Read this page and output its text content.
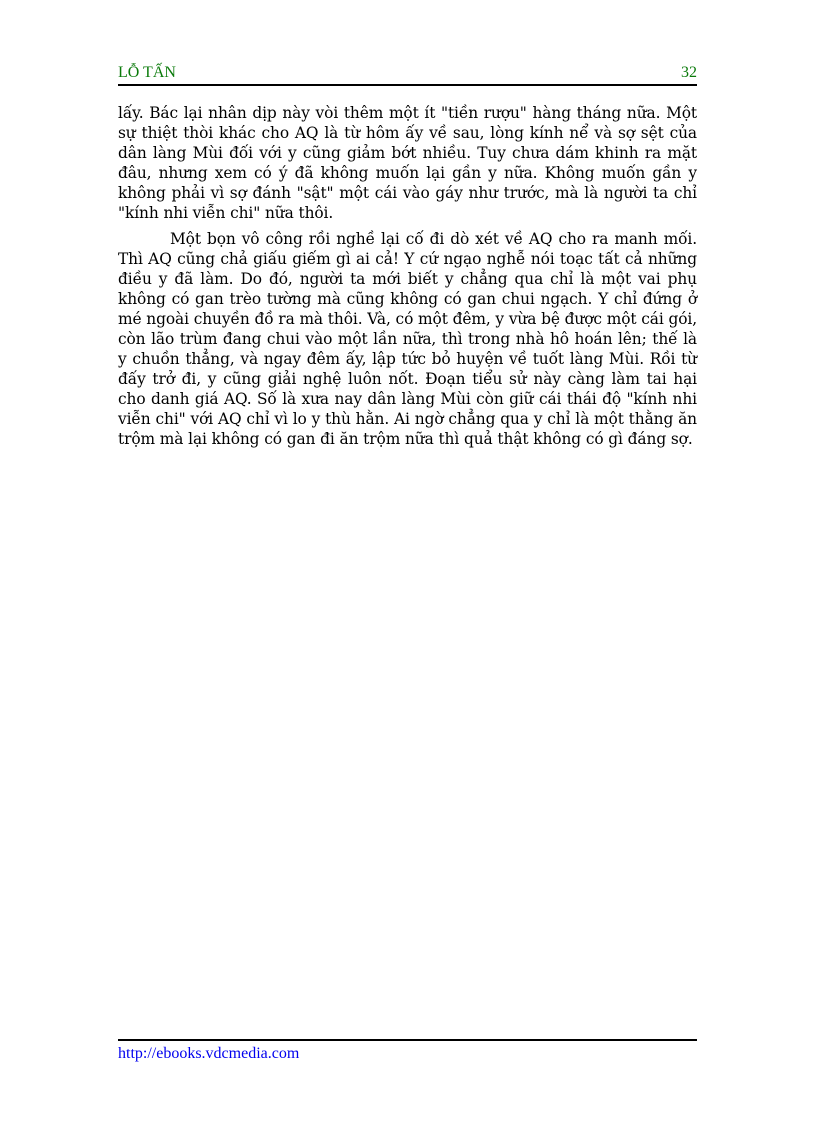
LỖ TẤN	32

lấy. Bác lại nhân dịp này vòi thêm một ít "tiền rượu" hàng tháng nữa. Một sự thiệt thòi khác cho AQ là từ hôm ấy về sau, lòng kính nể và sợ sệt của dân làng Mùi đối với y cũng giảm bớt nhiều. Tuy chưa dám khinh ra mặt đâu, nhưng xem có ý đã không muốn lại gần y nữa. Không muốn gần y không phải vì sợ đánh "sật" một cái vào gáy như trước, mà là người ta chỉ "kính nhi viễn chi" nữa thôi.

Một bọn vô công rồi nghề lại cố đi dò xét về AQ cho ra manh mối. Thì AQ cũng chả giấu giếm gì ai cả! Y cứ ngạo nghễ nói toạc tất cả những điều y đã làm. Do đó, người ta mới biết y chẳng qua chỉ là một vai phụ không có gan trèo tường mà cũng không có gan chui ngạch. Y chỉ đứng ở mé ngoài chuyền đồ ra mà thôi. Và, có một đêm, y vừa bệ được một cái gói, còn lão trùm đang chui vào một lần nữa, thì trong nhà hô hoán lên; thế là y chuồn thẳng, và ngay đêm ấy, lập tức bỏ huyện về tuốt làng Mùi. Rồi từ đấy trở đi, y cũng giải nghệ luôn nốt. Đoạn tiểu sử này càng làm tai hại cho danh giá AQ. Số là xưa nay dân làng Mùi còn giữ cái thái độ "kính nhi viễn chi" với AQ chỉ vì lo y thù hằn. Ai ngờ chẳng qua y chỉ là một thằng ăn trộm mà lại không có gan đi ăn trộm nữa thì quả thật không có gì đáng sợ.

http://ebooks.vdcmedia.com
